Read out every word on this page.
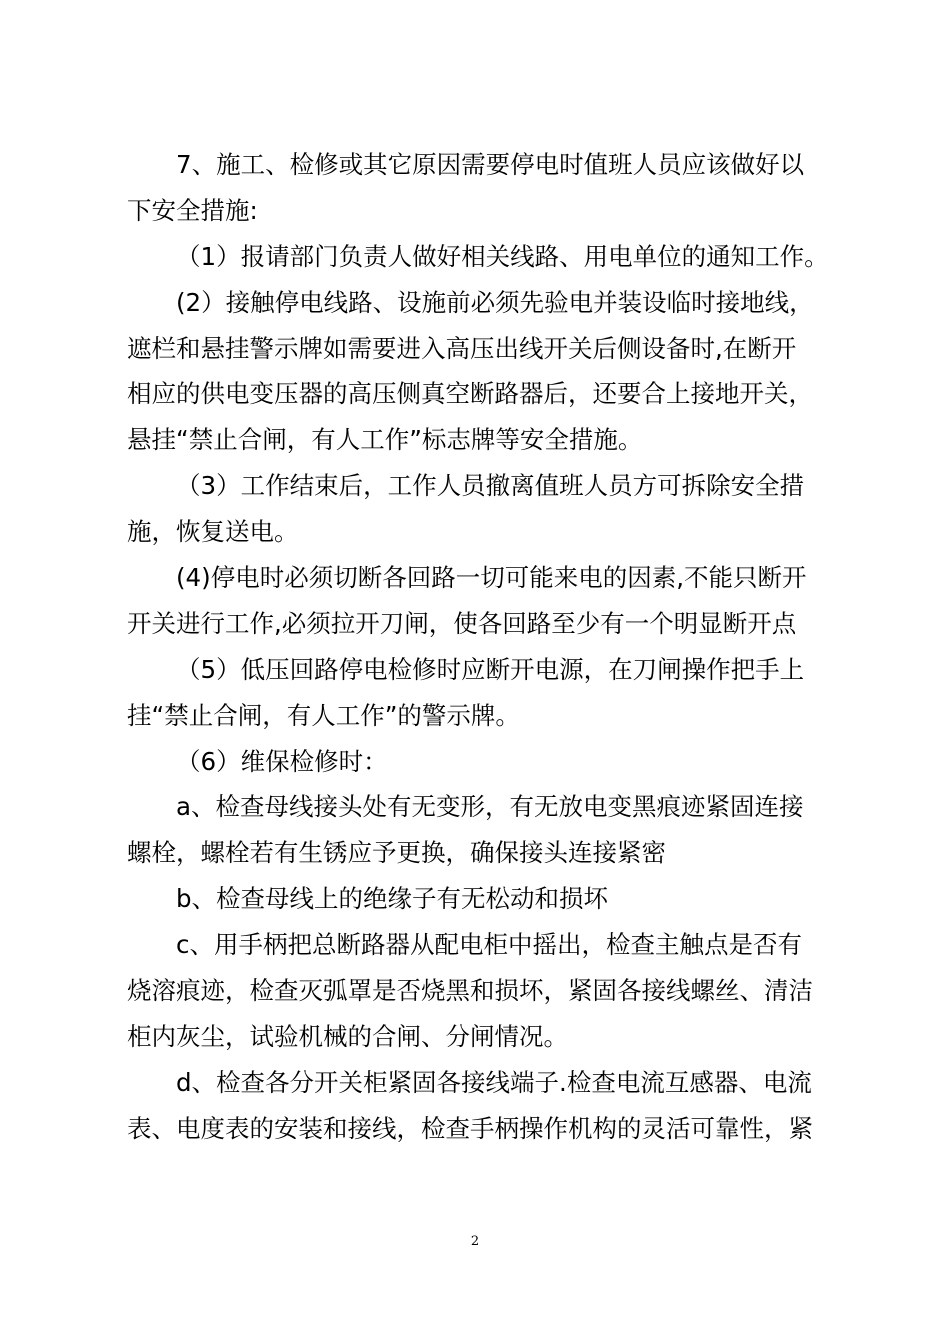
7、施工、检修或其它原因需要停电时值班人员应该做好以
下安全措施:
（1）报请部门负责人做好相关线路、用电单位的通知工作。
(2）接触停电线路、设施前必须先验电并装设临时接地线，
遮栏和悬挂警示牌如需要进入高压出线开关后侧设备时,在断开
相应的供电变压器的高压侧真空断路器后，还要合上接地开关，
悬挂“禁止合闸，有人工作”标志牌等安全措施。
（3）工作结束后，工作人员撤离值班人员方可拆除安全措
施，恢复送电。
(4)停电时必须切断各回路一切可能来电的因素,不能只断开
开关进行工作,必须拉开刀闸，使各回路至少有一个明显断开点
（5）低压回路停电检修时应断开电源，在刀闸操作把手上
挂“禁止合闸，有人工作”的警示牌。
（6）维保检修时：
a、检查母线接头处有无变形，有无放电变黑痕迹紧固连接
螺栓，螺栓若有生锈应予更换，确保接头连接紧密
b、检查母线上的绝缘子有无松动和损坏
c、用手柄把总断路器从配电柜中摇出，检查主触点是否有
烧溶痕迹，检查灭弧罩是否烧黑和损坏，紧固各接线螺丝、清洁
柜内灰尘，试验机械的合闸、分闸情况。
d、检查各分开关柜紧固各接线端子.检查电流互感器、电流
表、电度表的安装和接线，检查手柄操作机构的灵活可靠性，紧
2
